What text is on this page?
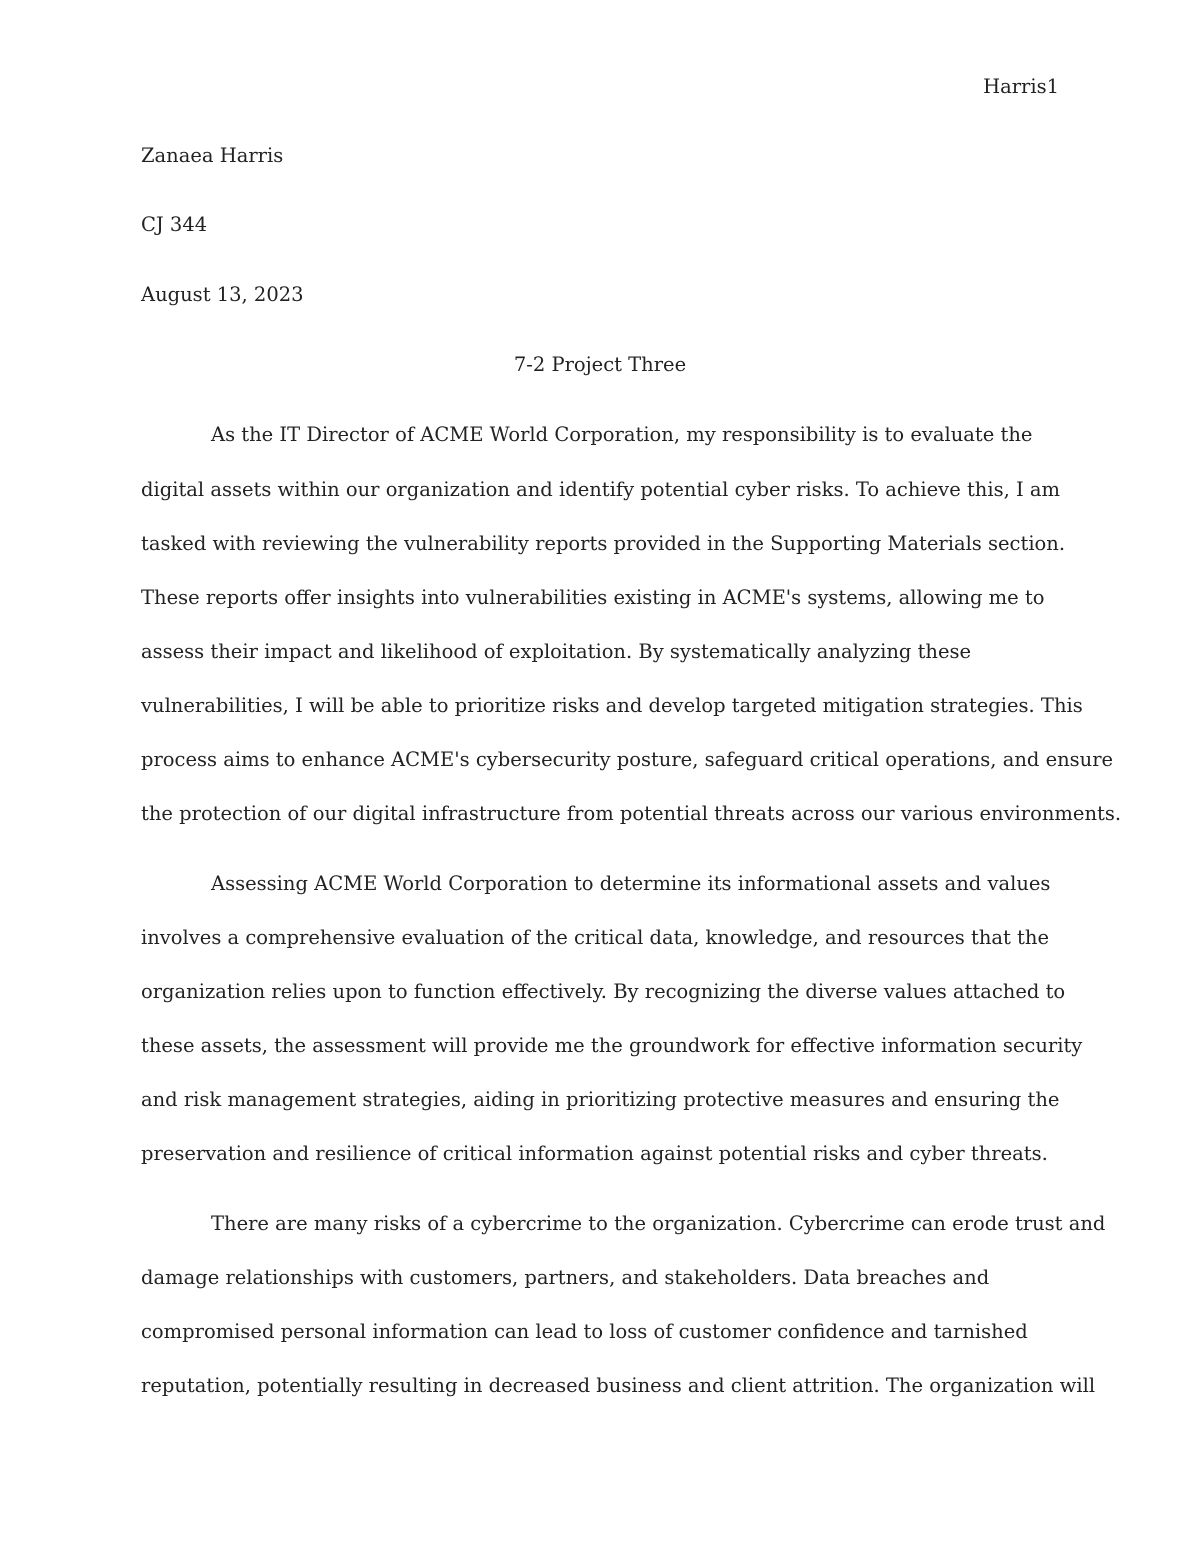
Harris1
Zanaea Harris
CJ 344
August 13, 2023
7-2 Project Three
As the IT Director of ACME World Corporation, my responsibility is to evaluate the
digital assets within our organization and identify potential cyber risks. To achieve this, I am
tasked with reviewing the vulnerability reports provided in the Supporting Materials section.
These reports offer insights into vulnerabilities existing in ACME's systems, allowing me to
assess their impact and likelihood of exploitation. By systematically analyzing these
vulnerabilities, I will be able to prioritize risks and develop targeted mitigation strategies. This
process aims to enhance ACME's cybersecurity posture, safeguard critical operations, and ensure
the protection of our digital infrastructure from potential threats across our various environments.
Assessing ACME World Corporation to determine its informational assets and values
involves a comprehensive evaluation of the critical data, knowledge, and resources that the
organization relies upon to function effectively. By recognizing the diverse values attached to
these assets, the assessment will provide me the groundwork for effective information security
and risk management strategies, aiding in prioritizing protective measures and ensuring the
preservation and resilience of critical information against potential risks and cyber threats.
There are many risks of a cybercrime to the organization. Cybercrime can erode trust and
damage relationships with customers, partners, and stakeholders. Data breaches and
compromised personal information can lead to loss of customer confidence and tarnished
reputation, potentially resulting in decreased business and client attrition. The organization will
